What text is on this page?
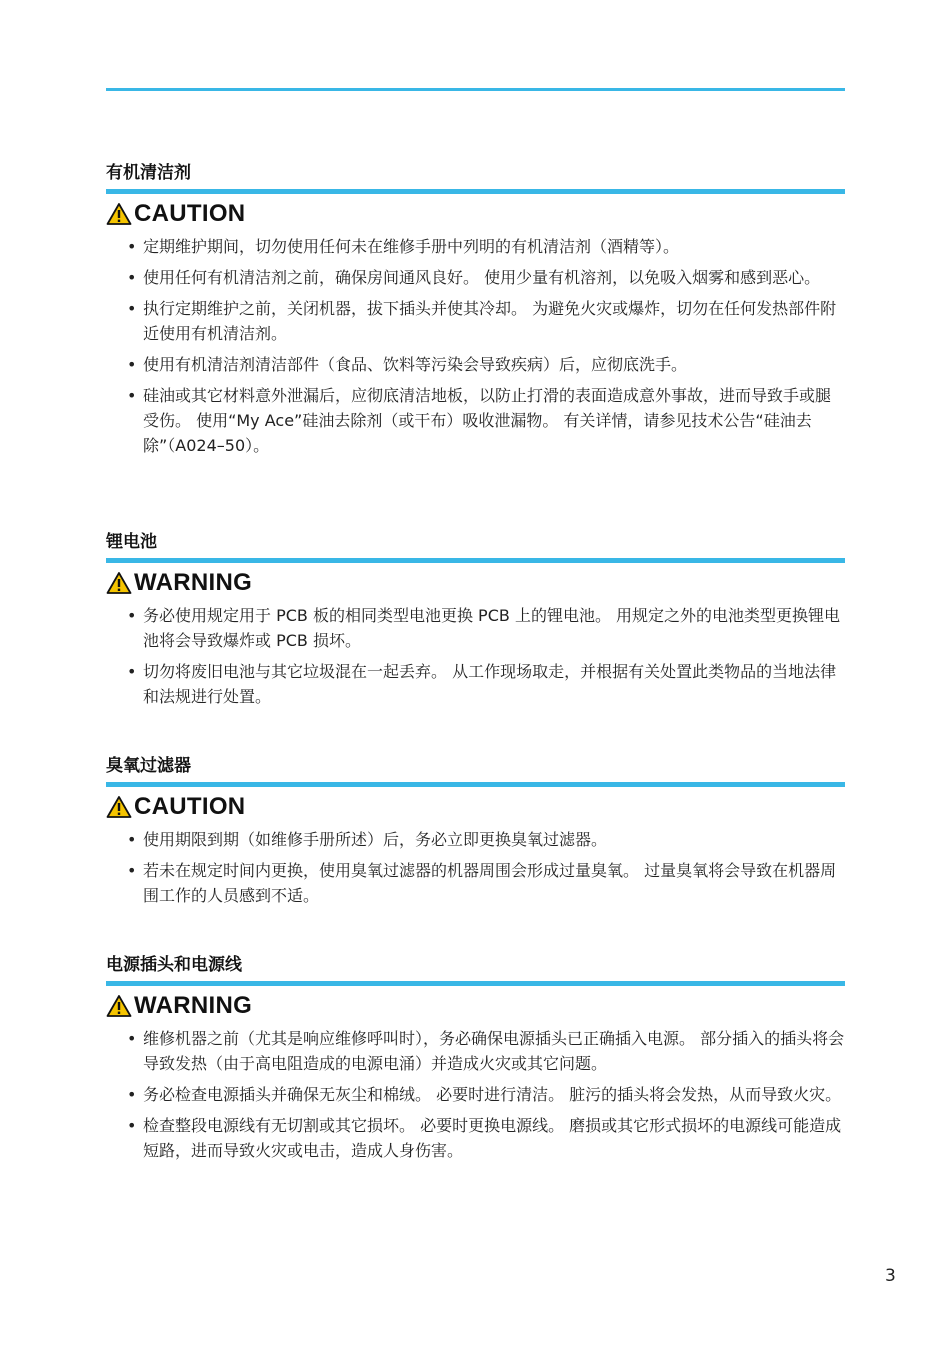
有机清洁剂
CAUTION
• 定期维护期间，切勿使用任何未在维修手册中列明的有机清洁剂（酒精等）。
• 使用任何有机清洁剂之前，确保房间通风良好。 使用少量有机溶剂，以免吸入烟雾和感到恶心。
• 执行定期维护之前，关闭机器，拔下插头并使其冷却。 为避免火灾或爆炸，切勿在任何发热部件附近使用有机清洁剂。
• 使用有机清洁剂清洁部件（食品、饮料等污染会导致疾病）后，应彻底洗手。
• 硅油或其它材料意外泄漏后，应彻底清洁地板，以防止打滑的表面造成意外事故，进而导致手或腿受伤。 使用“My Ace”硅油去除剂（或干布）吸收泄漏物。 有关详情，请参见技术公告“硅油去除”（A024–50）。
锂电池
WARNING
• 务必使用规定用于 PCB 板的相同类型电池更换 PCB 上的锂电池。 用规定之外的电池类型更换锂电池将会导致爆炸或 PCB 损坏。
• 切勿将废旧电池与其它垃圾混在一起丢弃。 从工作现场取走，并根据有关处置此类物品的当地法律和法规进行处置。
臭氧过滤器
CAUTION
• 使用期限到期（如维修手册所述）后，务必立即更换臭氧过滤器。
• 若未在规定时间内更换，使用臭氧过滤器的机器周围会形成过量臭氧。 过量臭氧将会导致在机器周围工作的人员感到不适。
电源插头和电源线
WARNING
• 维修机器之前（尤其是响应维修呼叫时），务必确保电源插头已正确插入电源。 部分插入的插头将会导致发热（由于高电阻造成的电源电涌）并造成火灾或其它问题。
• 务必检查电源插头并确保无灰尘和棉绒。 必要时进行清洁。 脏污的插头将会发热，从而导致火灾。
• 检查整段电源线有无切割或其它损坏。 必要时更换电源线。 磨损或其它形式损坏的电源线可能造成短路，进而导致火灾或电击，造成人身伤害。
3
